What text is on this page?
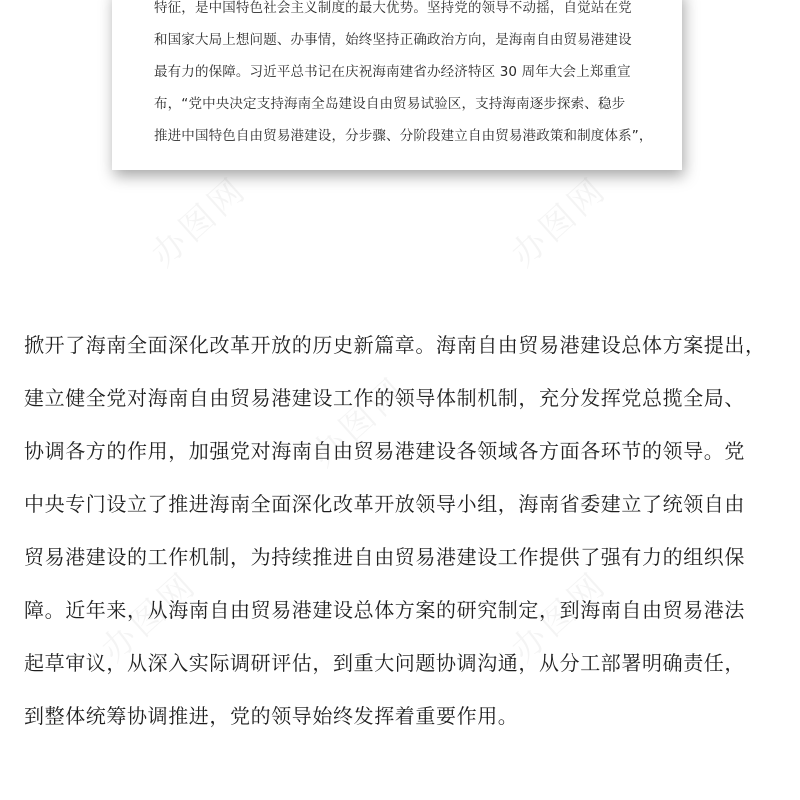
特征，是中国特色社会主义制度的最大优势。坚持党的领导不动摇，自觉站在党
和国家大局上想问题、办事情，始终坚持正确政治方向，是海南自由贸易港建设
最有力的保障。习近平总书记在庆祝海南建省办经济特区 30 周年大会上郑重宣
布，“党中央决定支持海南全岛建设自由贸易试验区，支持海南逐步探索、稳步
推进中国特色自由贸易港建设，分步骤、分阶段建立自由贸易港政策和制度体系”，
掀开了海南全面深化改革开放的历史新篇章。海南自由贸易港建设总体方案提出，
建立健全党对海南自由贸易港建设工作的领导体制机制，充分发挥党总揽全局、
协调各方的作用，加强党对海南自由贸易港建设各领域各方面各环节的领导。党
中央专门设立了推进海南全面深化改革开放领导小组，海南省委建立了统领自由
贸易港建设的工作机制，为持续推进自由贸易港建设工作提供了强有力的组织保
障。近年来，从海南自由贸易港建设总体方案的研究制定，到海南自由贸易港法
起草审议，从深入实际调研评估，到重大问题协调沟通，从分工部署明确责任，
到整体统筹协调推进，党的领导始终发挥着重要作用。
